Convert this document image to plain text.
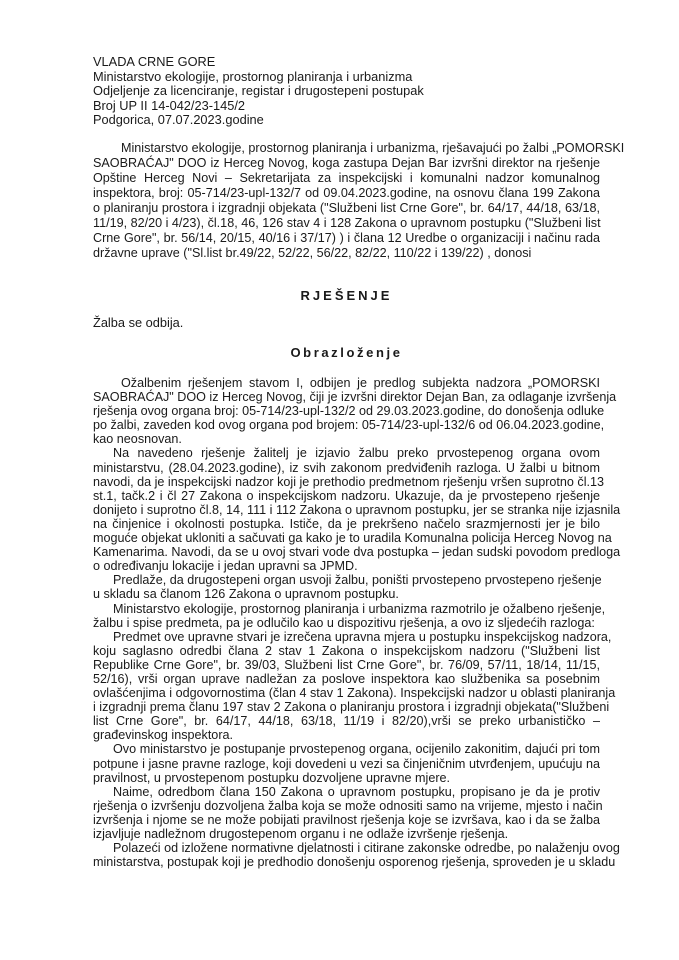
VLADA CRNE GORE
Ministarstvo ekologije, prostornog planiranja i urbanizma
Odjeljenje za licenciranje, registar i drugostepeni postupak
Broj UP II 14-042/23-145/2
Podgorica, 07.07.2023.godine
Ministarstvo ekologije, prostornog planiranja i urbanizma, rješavajući po žalbi „POMORSKI
SAOBRAĆAJ" DOO iz Herceg Novog, koga zastupa Dejan Bar izvršni direktor na rješenje
Opštine Herceg Novi – Sekretarijata za inspekcijski i komunalni nadzor komunalnog
inspektora, broj: 05-714/23-upl-132/7 od 09.04.2023.godine, na osnovu člana 199 Zakona
o planiranju prostora i izgradnji objekata ("Službeni list Crne Gore", br. 64/17, 44/18, 63/18,
11/19, 82/20 i 4/23), čl.18, 46, 126 stav 4 i 128 Zakona o upravnom postupku ("Službeni list
Crne Gore", br. 56/14, 20/15, 40/16 i 37/17) ) i člana 12 Uredbe o organizaciji i načinu rada
državne uprave ("Sl.list br.49/22, 52/22, 56/22, 82/22, 110/22 i 139/22) , donosi
RJEŠENJE
Žalba se odbija.
Obrazloženje
Ožalbenim rješenjem stavom I, odbijen je predlog subjekta nadzora „POMORSKI
SAOBRAĆAJ" DOO iz Herceg Novog, čiji je izvršni direktor Dejan Ban, za odlaganje izvršenja
rješenja ovog organa broj: 05-714/23-upl-132/2 od 29.03.2023.godine, do donošenja odluke
po žalbi, zaveden kod ovog organa pod brojem: 05-714/23-upl-132/6 od 06.04.2023.godine,
kao neosnovan.
Na navedeno rješenje žalitelj je izjavio žalbu preko prvostepenog organa ovom
ministarstvu, (28.04.2023.godine), iz svih zakonom predviđenih razloga. U žalbi u bitnom
navodi, da je inspekcijski nadzor koji je prethodio predmetnom rješenju vršen suprotno čl.13
st.1, tačk.2 i čl 27 Zakona o inspekcijskom nadzoru. Ukazuje, da je prvostepeno rješenje
donijeto i suprotno čl.8, 14, 111 i 112 Zakona o upravnom postupku, jer se stranka nije izjasnila
na činjenice i okolnosti postupka. Ističe, da je prekršeno načelo srazmjernosti jer je bilo
moguće objekat ukloniti a sačuvati ga kako je to uradila Komunalna policija Herceg Novog na
Kamenarima. Navodi, da se u ovoj stvari vode dva postupka – jedan sudski povodom predloga
o određivanju lokacije i jedan upravni sa JPMD.
Predlaže, da drugostepeni organ usvoji žalbu, poništi prvostepeno prvostepeno rješenje
u skladu sa članom 126 Zakona o upravnom postupku.
Ministarstvo ekologije, prostornog planiranja i urbanizma razmotrilo je ožalbeno rješenje,
žalbu i spise predmeta, pa je odlučilo kao u dispozitivu rješenja, a ovo iz sljedećih razloga:
Predmet ove upravne stvari je izrečena upravna mjera u postupku inspekcijskog nadzora,
koju saglasno odredbi člana 2 stav 1 Zakona o inspekcijskom nadzoru ("Službeni list
Republike Crne Gore", br. 39/03, Službeni list Crne Gore", br. 76/09, 57/11, 18/14, 11/15,
52/16), vrši organ uprave nadležan za poslove inspektora kao službenika sa posebnim
ovlašćenjima i odgovornostima (član 4 stav 1 Zakona). Inspekcijski nadzor u oblasti planiranja
i izgradnji prema članu 197 stav 2 Zakona o planiranju prostora i izgradnji objekata("Službeni
list Crne Gore", br. 64/17, 44/18, 63/18, 11/19 i 82/20),vrši se preko urbanističko –
građevinskog inspektora.
Ovo ministarstvo je postupanje prvostepenog organa, ocijenilo zakonitim, dajući pri tom
potpune i jasne pravne razloge, koji dovedeni u vezi sa činjeničnim utvrđenjem, upućuju na
pravilnost, u prvostepenom postupku dozvoljene upravne mjere.
Naime, odredbom člana 150 Zakona o upravnom postupku, propisano je da je protiv
rješenja o izvršenju dozvoljena žalba koja se može odnositi samo na vrijeme, mjesto i način
izvršenja i njome se ne može pobijati pravilnost rješenja koje se izvršava, kao i da se žalba
izjavljuje nadležnom drugostepenom organu i ne odlaže izvršenje rješenja.
Polazeći od izložene normativne djelatnosti i citirane zakonske odredbe, po nalaženju ovog
ministarstva, postupak koji je predhodio donošenju osporenog rješenja, sproveden je u skladu
